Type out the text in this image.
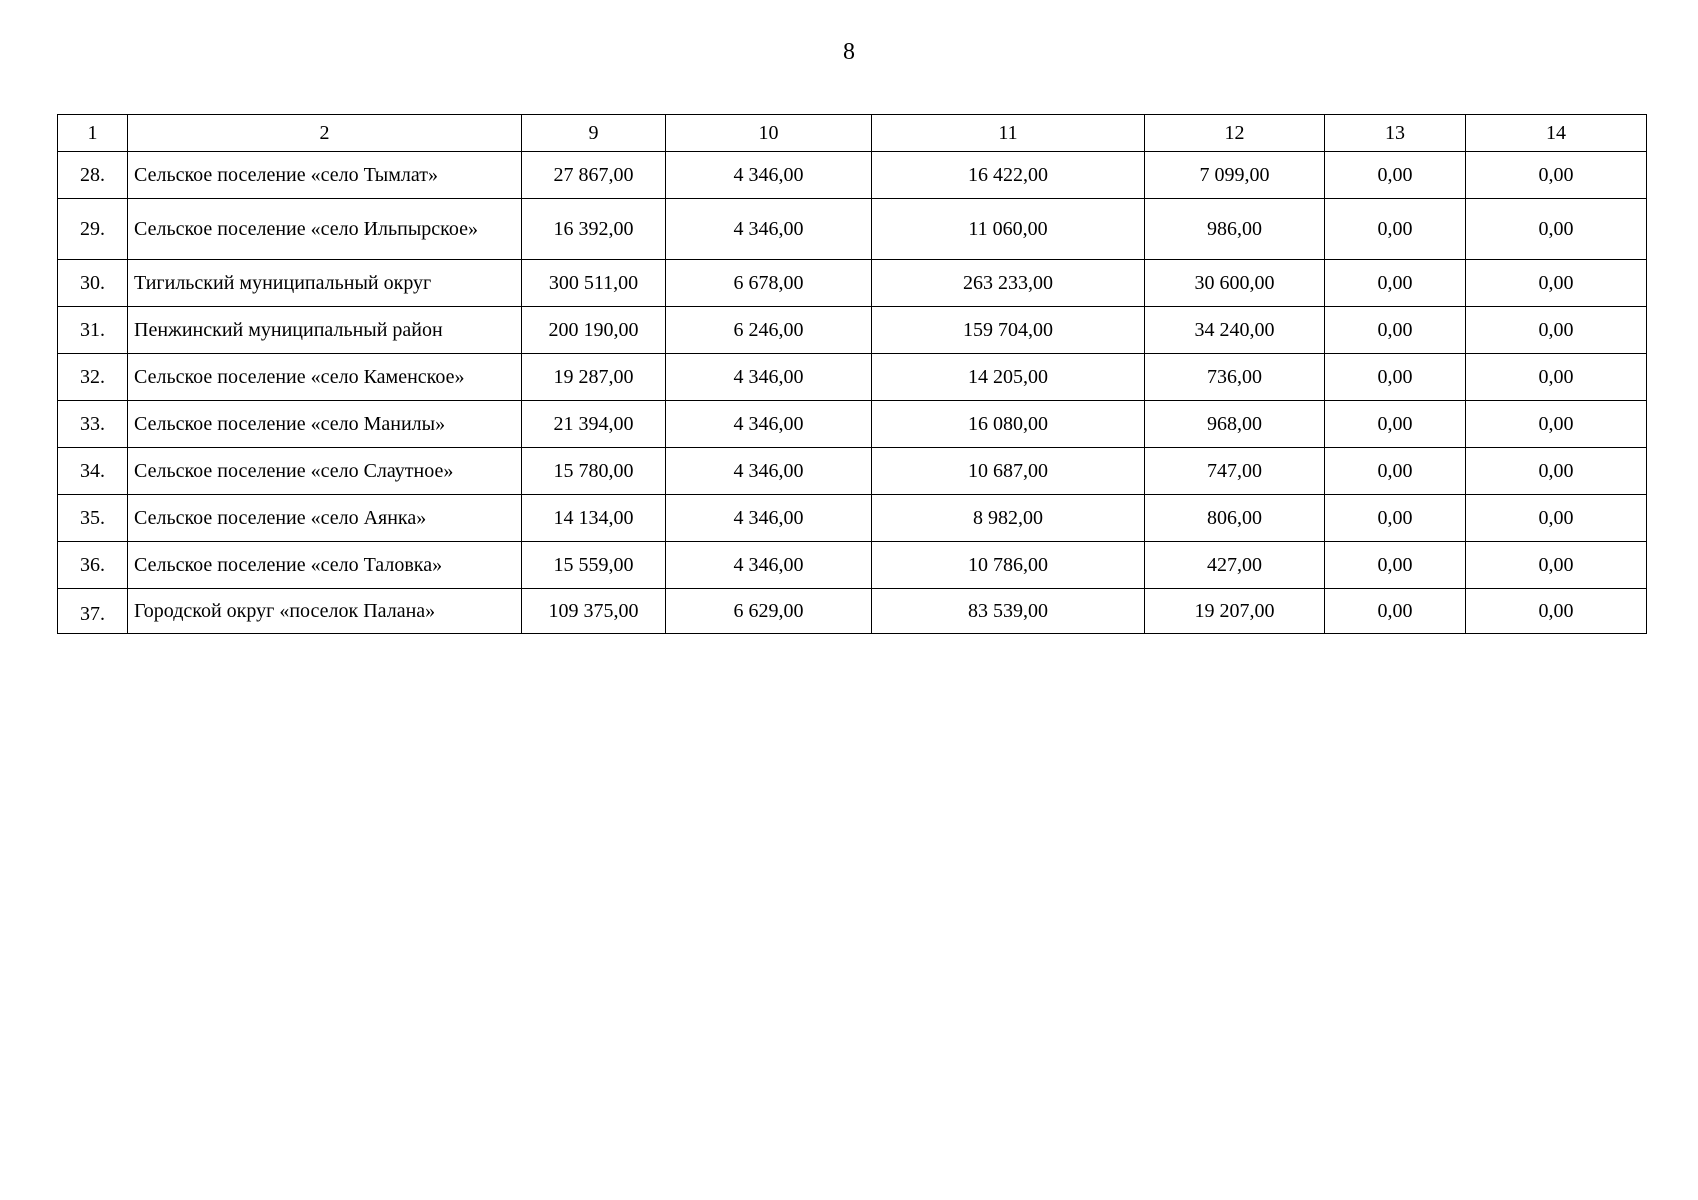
8
1	2	9	10	11	12	13	14
28.	Сельское поселение «село Тымлат»	27 867,00	4 346,00	16 422,00	7 099,00	0,00	0,00
29.	Сельское поселение «село Ильпырское»	16 392,00	4 346,00	11 060,00	986,00	0,00	0,00
30.	Тигильский муниципальный округ	300 511,00	6 678,00	263 233,00	30 600,00	0,00	0,00
31.	Пенжинский муниципальный район	200 190,00	6 246,00	159 704,00	34 240,00	0,00	0,00
32.	Сельское поселение «село Каменское»	19 287,00	4 346,00	14 205,00	736,00	0,00	0,00
33.	Сельское поселение «село Манилы»	21 394,00	4 346,00	16 080,00	968,00	0,00	0,00
34.	Сельское поселение «село Слаутное»	15 780,00	4 346,00	10 687,00	747,00	0,00	0,00
35.	Сельское поселение «село Аянка»	14 134,00	4 346,00	8 982,00	806,00	0,00	0,00
36.	Сельское поселение «село Таловка»	15 559,00	4 346,00	10 786,00	427,00	0,00	0,00
37.	Городской округ «поселок Палана»	109 375,00	6 629,00	83 539,00	19 207,00	0,00	0,00
